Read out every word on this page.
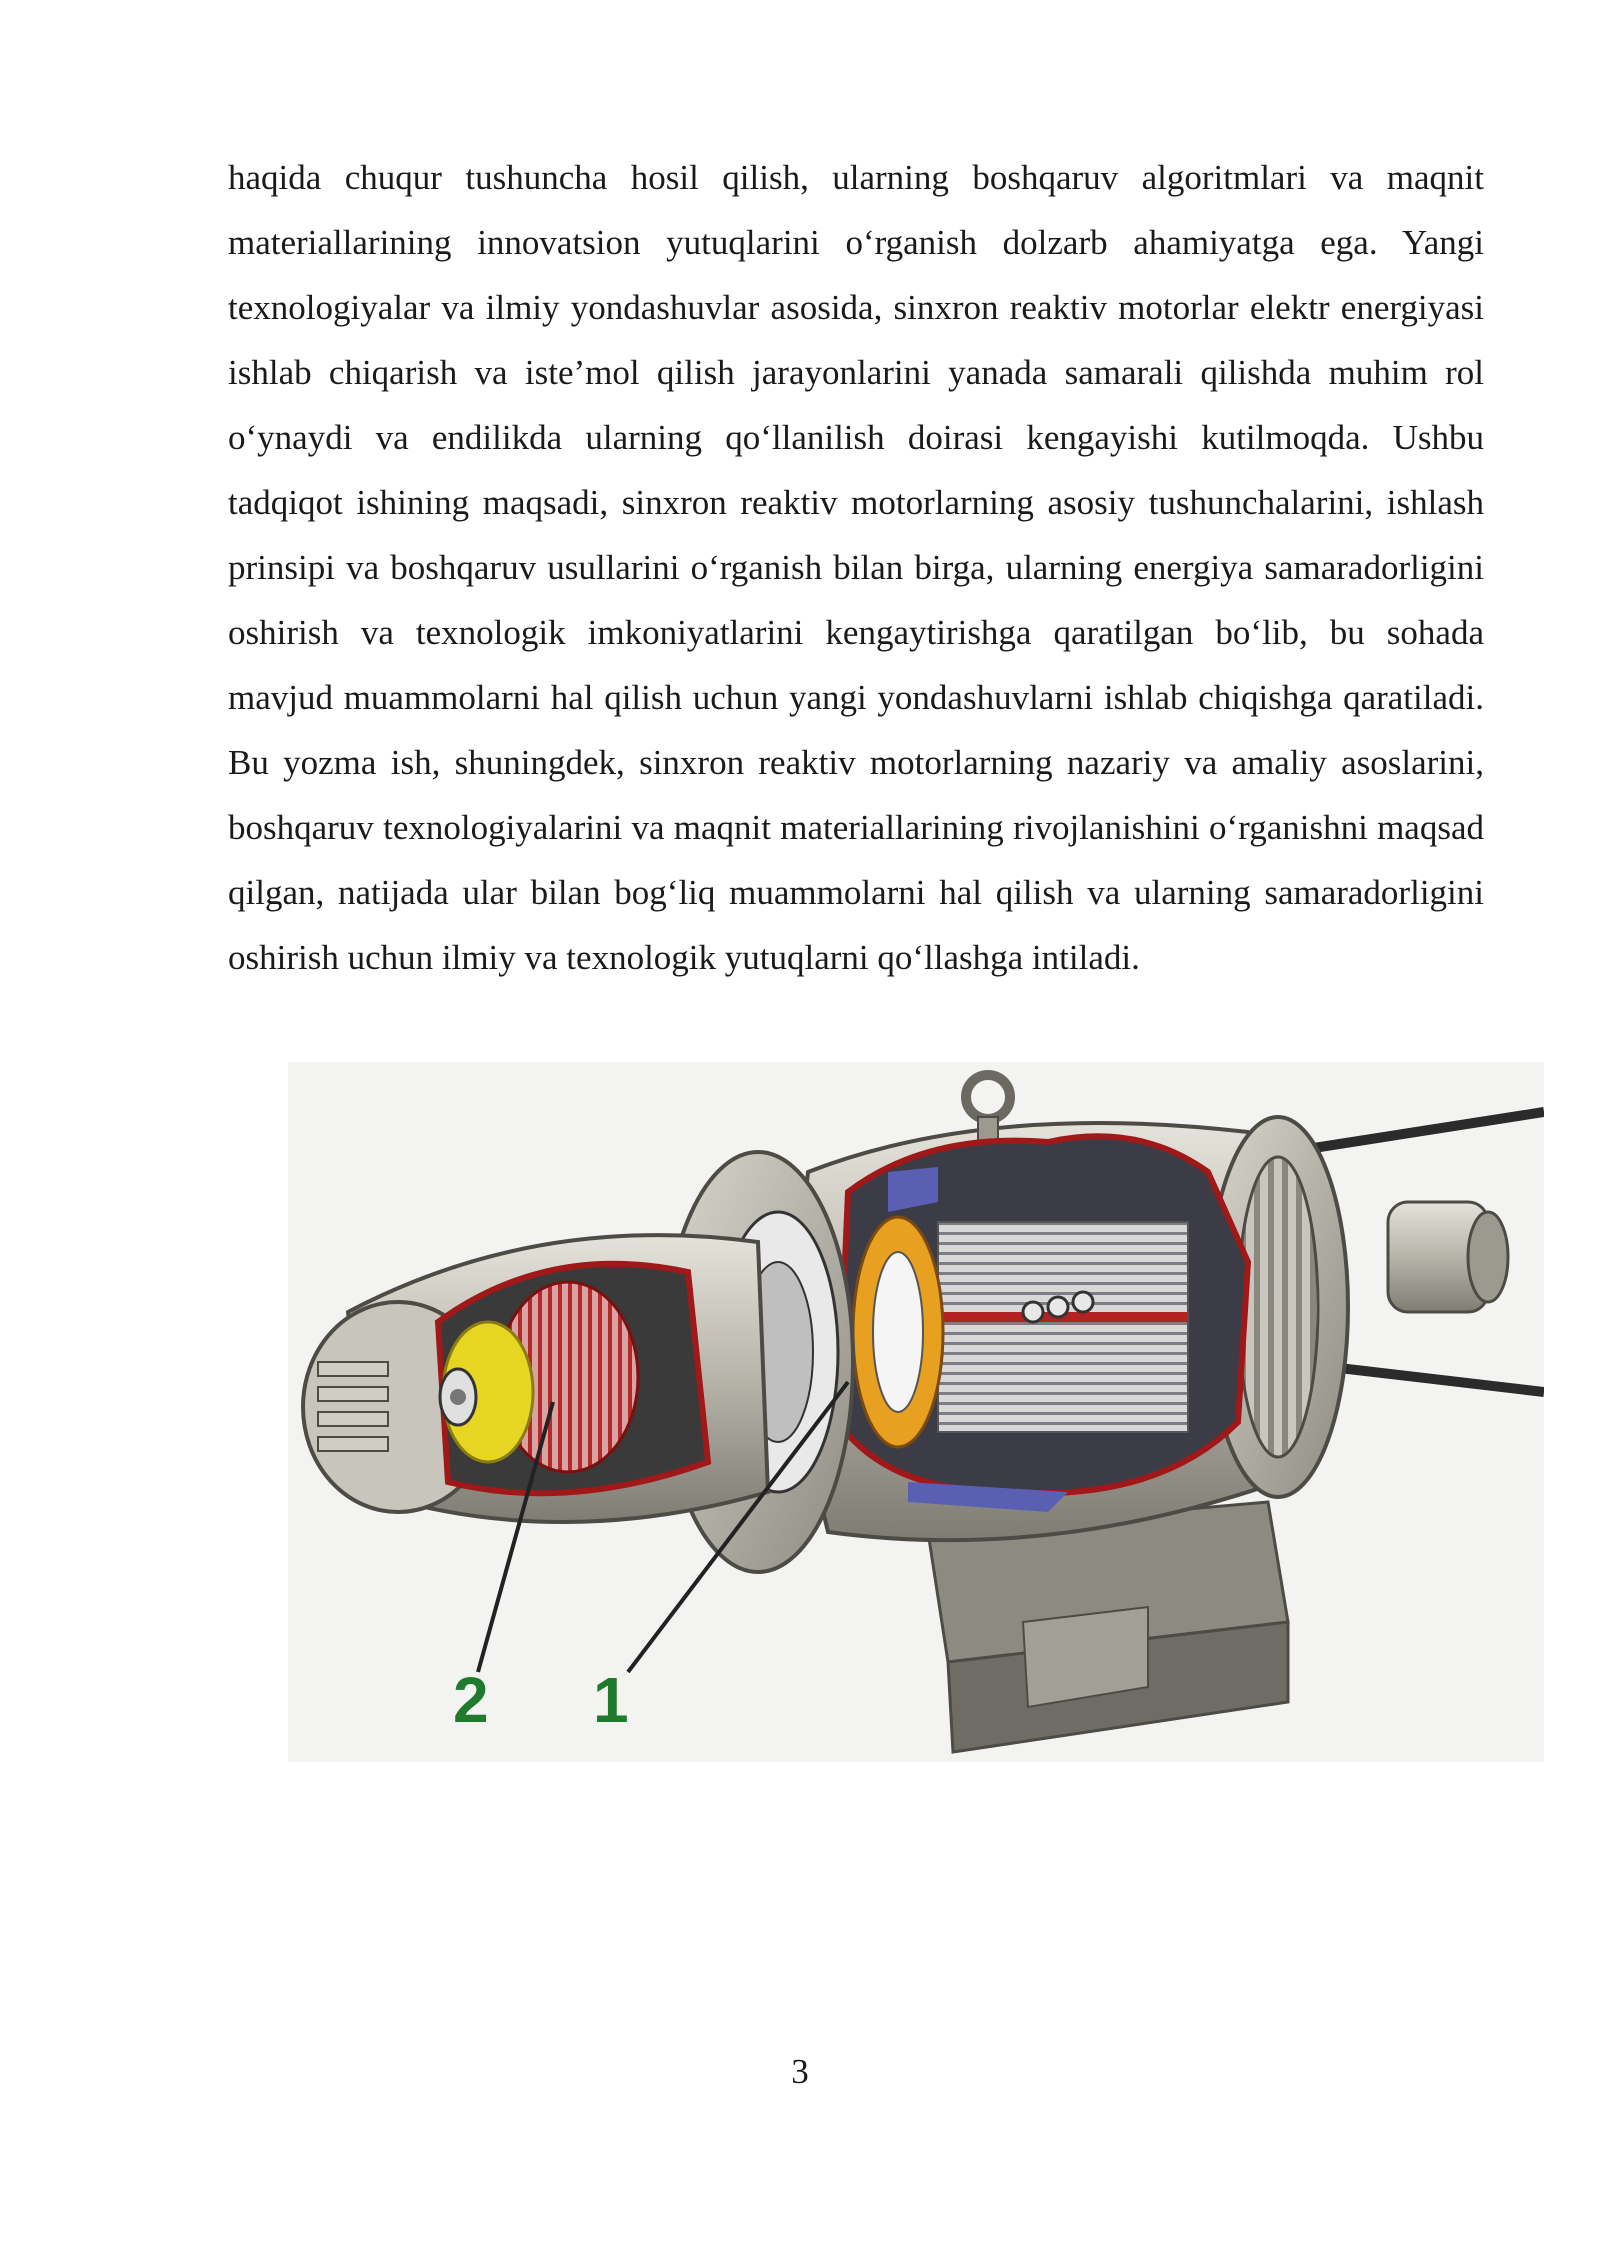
haqida chuqur tushuncha hosil qilish, ularning boshqaruv algoritmlari va maqnit materiallarining innovatsion yutuqlarini o‘rganish dolzarb ahamiyatga ega. Yangi texnologiyalar va ilmiy yondashuvlar asosida, sinxron reaktiv motorlar elektr energiyasi ishlab chiqarish va iste’mol qilish jarayonlarini yanada samarali qilishda muhim rol o‘ynaydi va endilikda ularning qo‘llanilish doirasi kengayishi kutilmoqda. Ushbu tadqiqot ishining maqsadi, sinxron reaktiv motorlarning asosiy tushunchalarini, ishlash prinsipi va boshqaruv usullarini o‘rganish bilan birga, ularning energiya samaradorligini oshirish va texnologik imkoniyatlarini kengaytirishga qaratilgan bo‘lib, bu sohada mavjud muammolarni hal qilish uchun yangi yondashuvlarni ishlab chiqishga qaratiladi. Bu yozma ish, shuningdek, sinxron reaktiv motorlarning nazariy va amaliy asoslarini, boshqaruv texnologiyalarini va maqnit materiallarining rivojlanishini o‘rganishni maqsad qilgan, natijada ular bilan bog‘liq muammolarni hal qilish va ularning samaradorligini oshirish uchun ilmiy va texnologik yutuqlarni qo‘llashga intiladi.

2 1
3
